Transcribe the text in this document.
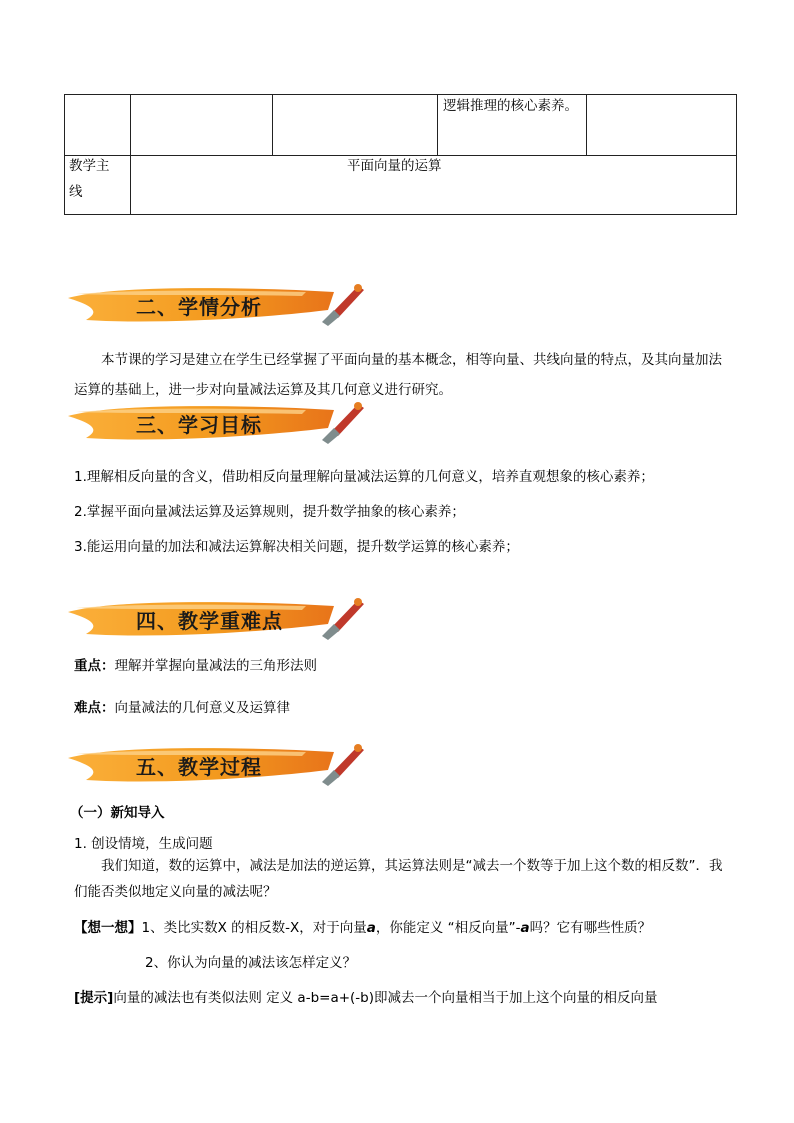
逻辑推理的核心素养。
教学主
线
平面向量的运算
二、学情分析
本节课的学习是建立在学生已经掌握了平面向量的基本概念，相等向量、共线向量的特点，及其向量加法运算的基础上，进一步对向量减法运算及其几何意义进行研究。
三、学习目标
1.理解相反向量的含义，借助相反向量理解向量减法运算的几何意义，培养直观想象的核心素养；
2.掌握平面向量减法运算及运算规则，提升数学抽象的核心素养；
3.能运用向量的加法和减法运算解决相关问题，提升数学运算的核心素养；
四、教学重难点
重点：理解并掌握向量减法的三角形法则
难点：向量减法的几何意义及运算律
五、教学过程
（一）新知导入
1. 创设情境，生成问题
我们知道，数的运算中，减法是加法的逆运算，其运算法则是“减去一个数等于加上这个数的相反数”．我们能否类似地定义向量的减法呢？
【想一想】1、类比实数X 的相反数-X，对于向量a，你能定义 “相反向量”-a吗？它有哪些性质？
2、你认为向量的减法该怎样定义？
[提示]向量的减法也有类似法则 定义 a-b=a+(-b)即减去一个向量相当于加上这个向量的相反向量
